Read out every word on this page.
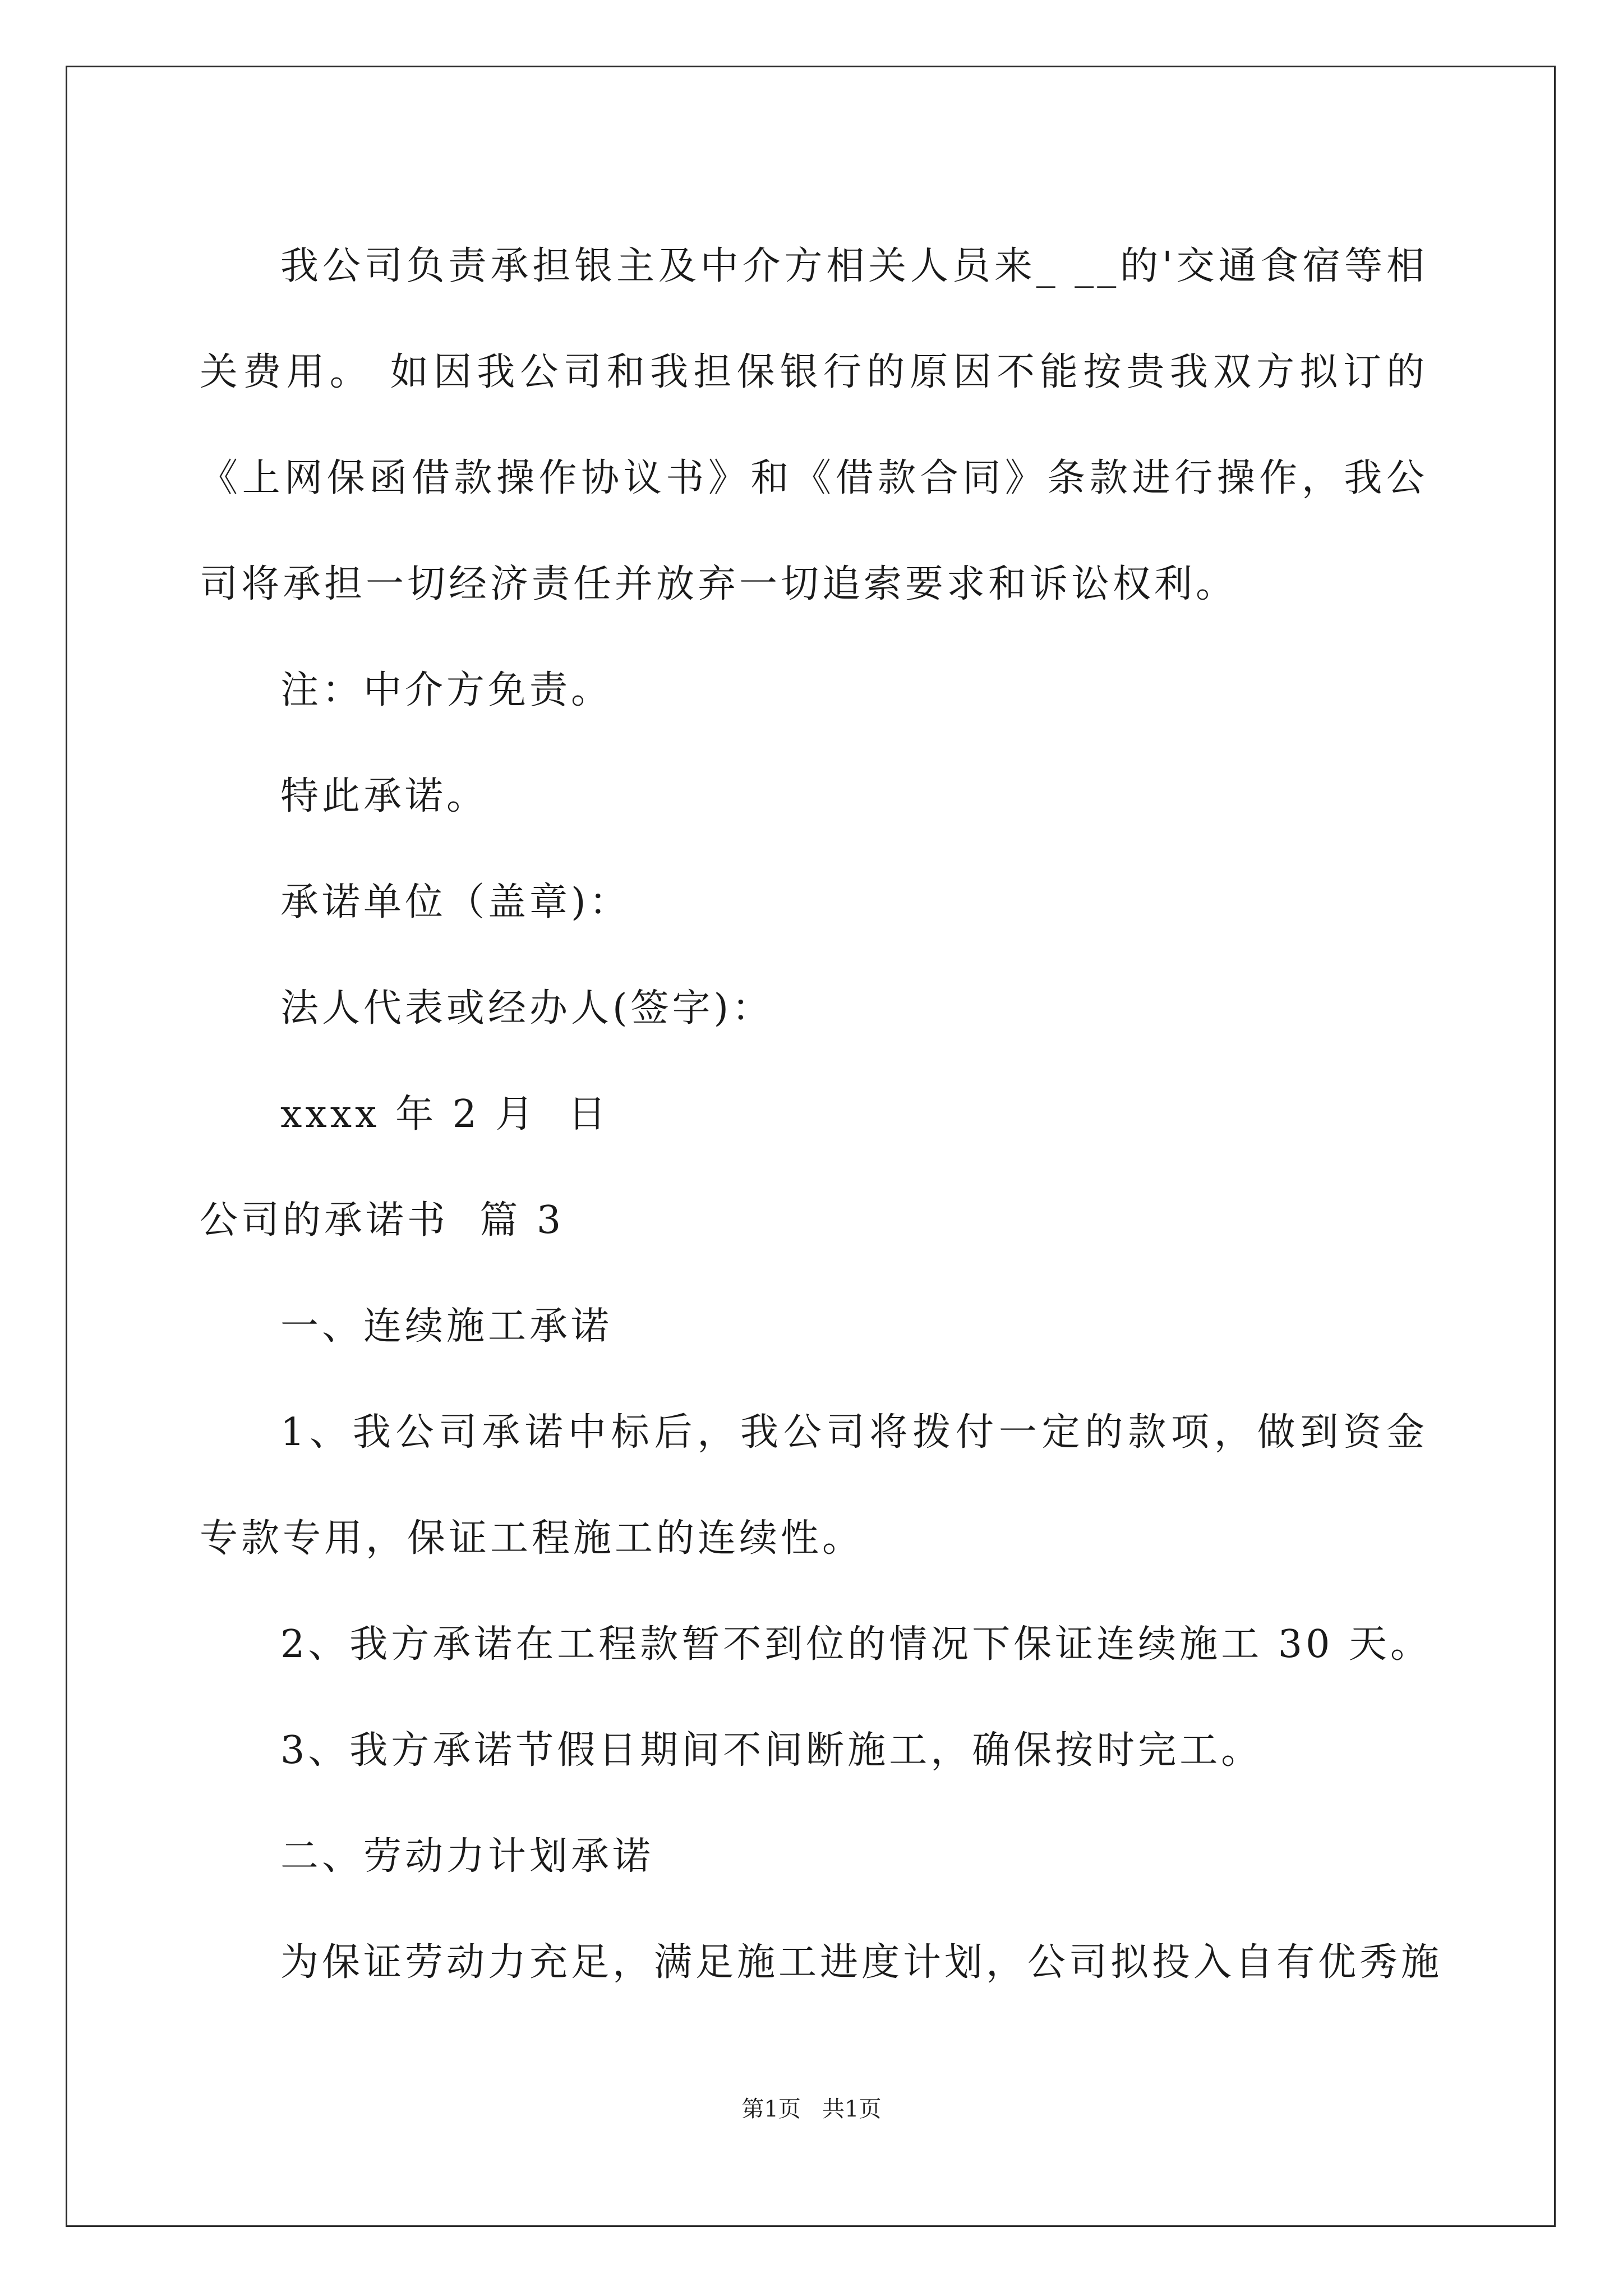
我公司负责承担银主及中介方相关人员来_ __的'交通食宿等相关费用。 如因我公司和我担保银行的原因不能按贵我双方拟订的《上网保函借款操作协议书》和《借款合同》条款进行操作，我公司将承担一切经济责任并放弃一切追索要求和诉讼权利。

注：中介方免责。

特此承诺。

承诺单位（盖章)：

法人代表或经办人(签字)：

xxxx 年 2 月  日

公司的承诺书  篇 3

一、连续施工承诺

1、我公司承诺中标后，我公司将拨付一定的款项，做到资金专款专用，保证工程施工的连续性。

2、我方承诺在工程款暂不到位的情况下保证连续施工 30 天。

3、我方承诺节假日期间不间断施工，确保按时完工。

二、劳动力计划承诺

为保证劳动力充足，满足施工进度计划，公司拟投入自有优秀施

第1页   共1页
